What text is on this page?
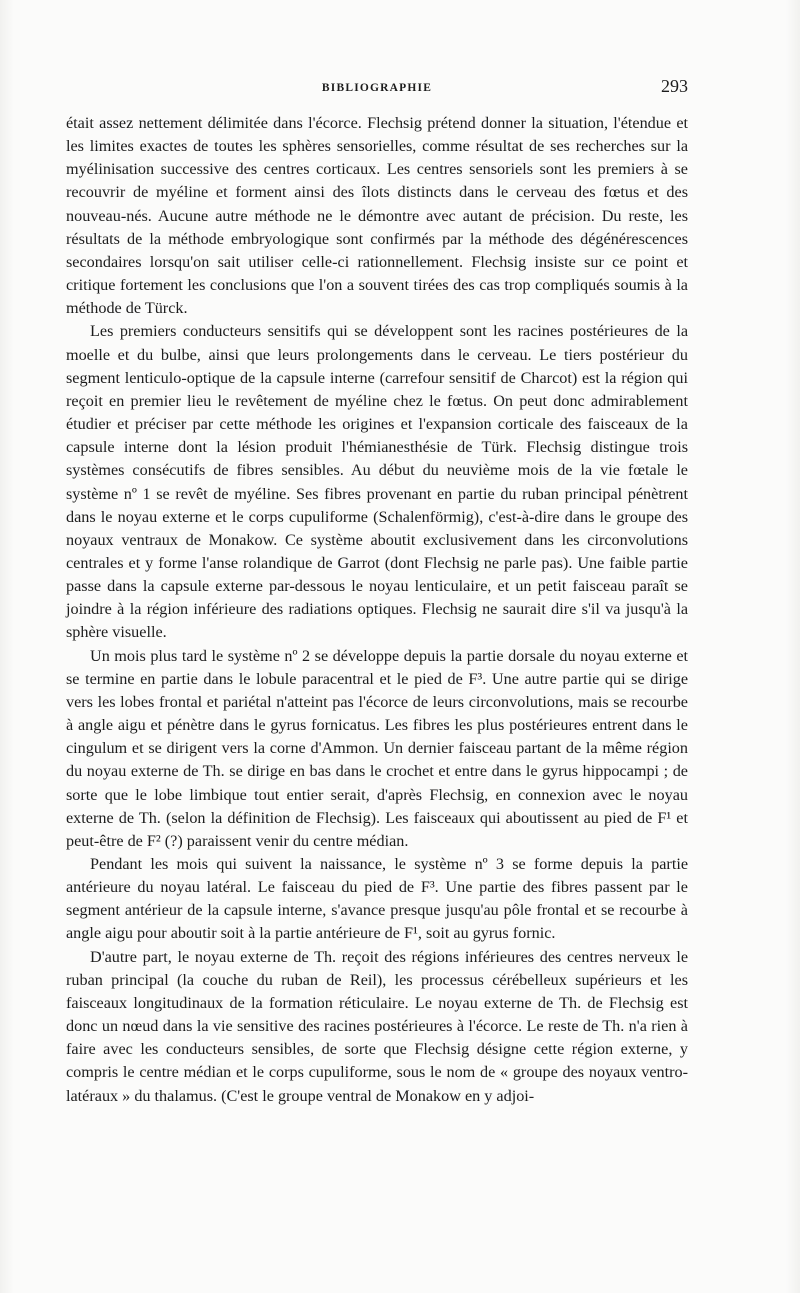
BIBLIOGRAPHIE	293

était assez nettement délimitée dans l'écorce. Flechsig prétend donner la situation, l'étendue et les limites exactes de toutes les sphères sensorielles, comme résultat de ses recherches sur la myélinisation successive des centres corticaux. Les centres sensoriels sont les premiers à se recouvrir de myéline et forment ainsi des îlots distincts dans le cerveau des fœtus et des nouveau-nés. Aucune autre méthode ne le démontre avec autant de précision. Du reste, les résultats de la méthode embryologique sont confirmés par la méthode des dégénérescences secondaires lorsqu'on sait utiliser celle-ci rationnellement. Flechsig insiste sur ce point et critique fortement les conclusions que l'on a souvent tirées des cas trop compliqués soumis à la méthode de Türck.

Les premiers conducteurs sensitifs qui se développent sont les racines postérieures de la moelle et du bulbe, ainsi que leurs prolongements dans le cerveau. Le tiers postérieur du segment lenticulo-optique de la capsule interne (carrefour sensitif de Charcot) est la région qui reçoit en premier lieu le revêtement de myéline chez le fœtus. On peut donc admirablement étudier et préciser par cette méthode les origines et l'expansion corticale des faisceaux de la capsule interne dont la lésion produit l'hémianesthésie de Türk. Flechsig distingue trois systèmes consécutifs de fibres sensibles. Au début du neuvième mois de la vie fœtale le système nº 1 se revêt de myéline. Ses fibres provenant en partie du ruban principal pénètrent dans le noyau externe et le corps cupuliforme (Schalenförmig), c'est-à-dire dans le groupe des noyaux ventraux de Monakow. Ce système aboutit exclusivement dans les circonvolutions centrales et y forme l'anse rolandique de Garrot (dont Flechsig ne parle pas). Une faible partie passe dans la capsule externe par-dessous le noyau lenticulaire, et un petit faisceau paraît se joindre à la région inférieure des radiations optiques. Flechsig ne saurait dire s'il va jusqu'à la sphère visuelle.

Un mois plus tard le système nº 2 se développe depuis la partie dorsale du noyau externe et se termine en partie dans le lobule paracentral et le pied de F³. Une autre partie qui se dirige vers les lobes frontal et pariétal n'atteint pas l'écorce de leurs circonvolutions, mais se recourbe à angle aigu et pénètre dans le gyrus fornicatus. Les fibres les plus postérieures entrent dans le cingulum et se dirigent vers la corne d'Ammon. Un dernier faisceau partant de la même région du noyau externe de Th. se dirige en bas dans le crochet et entre dans le gyrus hippocampi ; de sorte que le lobe limbique tout entier serait, d'après Flechsig, en connexion avec le noyau externe de Th. (selon la définition de Flechsig). Les faisceaux qui aboutissent au pied de F¹ et peut-être de F² (?) paraissent venir du centre médian.

Pendant les mois qui suivent la naissance, le système nº 3 se forme depuis la partie antérieure du noyau latéral. Le faisceau du pied de F³. Une partie des fibres passent par le segment antérieur de la capsule interne, s'avance presque jusqu'au pôle frontal et se recourbe à angle aigu pour aboutir soit à la partie antérieure de F¹, soit au gyrus fornic.

D'autre part, le noyau externe de Th. reçoit des régions inférieures des centres nerveux le ruban principal (la couche du ruban de Reil), les processus cérébelleux supérieurs et les faisceaux longitudinaux de la formation réticulaire. Le noyau externe de Th. de Flechsig est donc un nœud dans la vie sensitive des racines postérieures à l'écorce. Le reste de Th. n'a rien à faire avec les conducteurs sensibles, de sorte que Flechsig désigne cette région externe, y compris le centre médian et le corps cupuliforme, sous le nom de « groupe des noyaux ventro-latéraux » du thalamus. (C'est le groupe ventral de Monakow en y adjoi-
